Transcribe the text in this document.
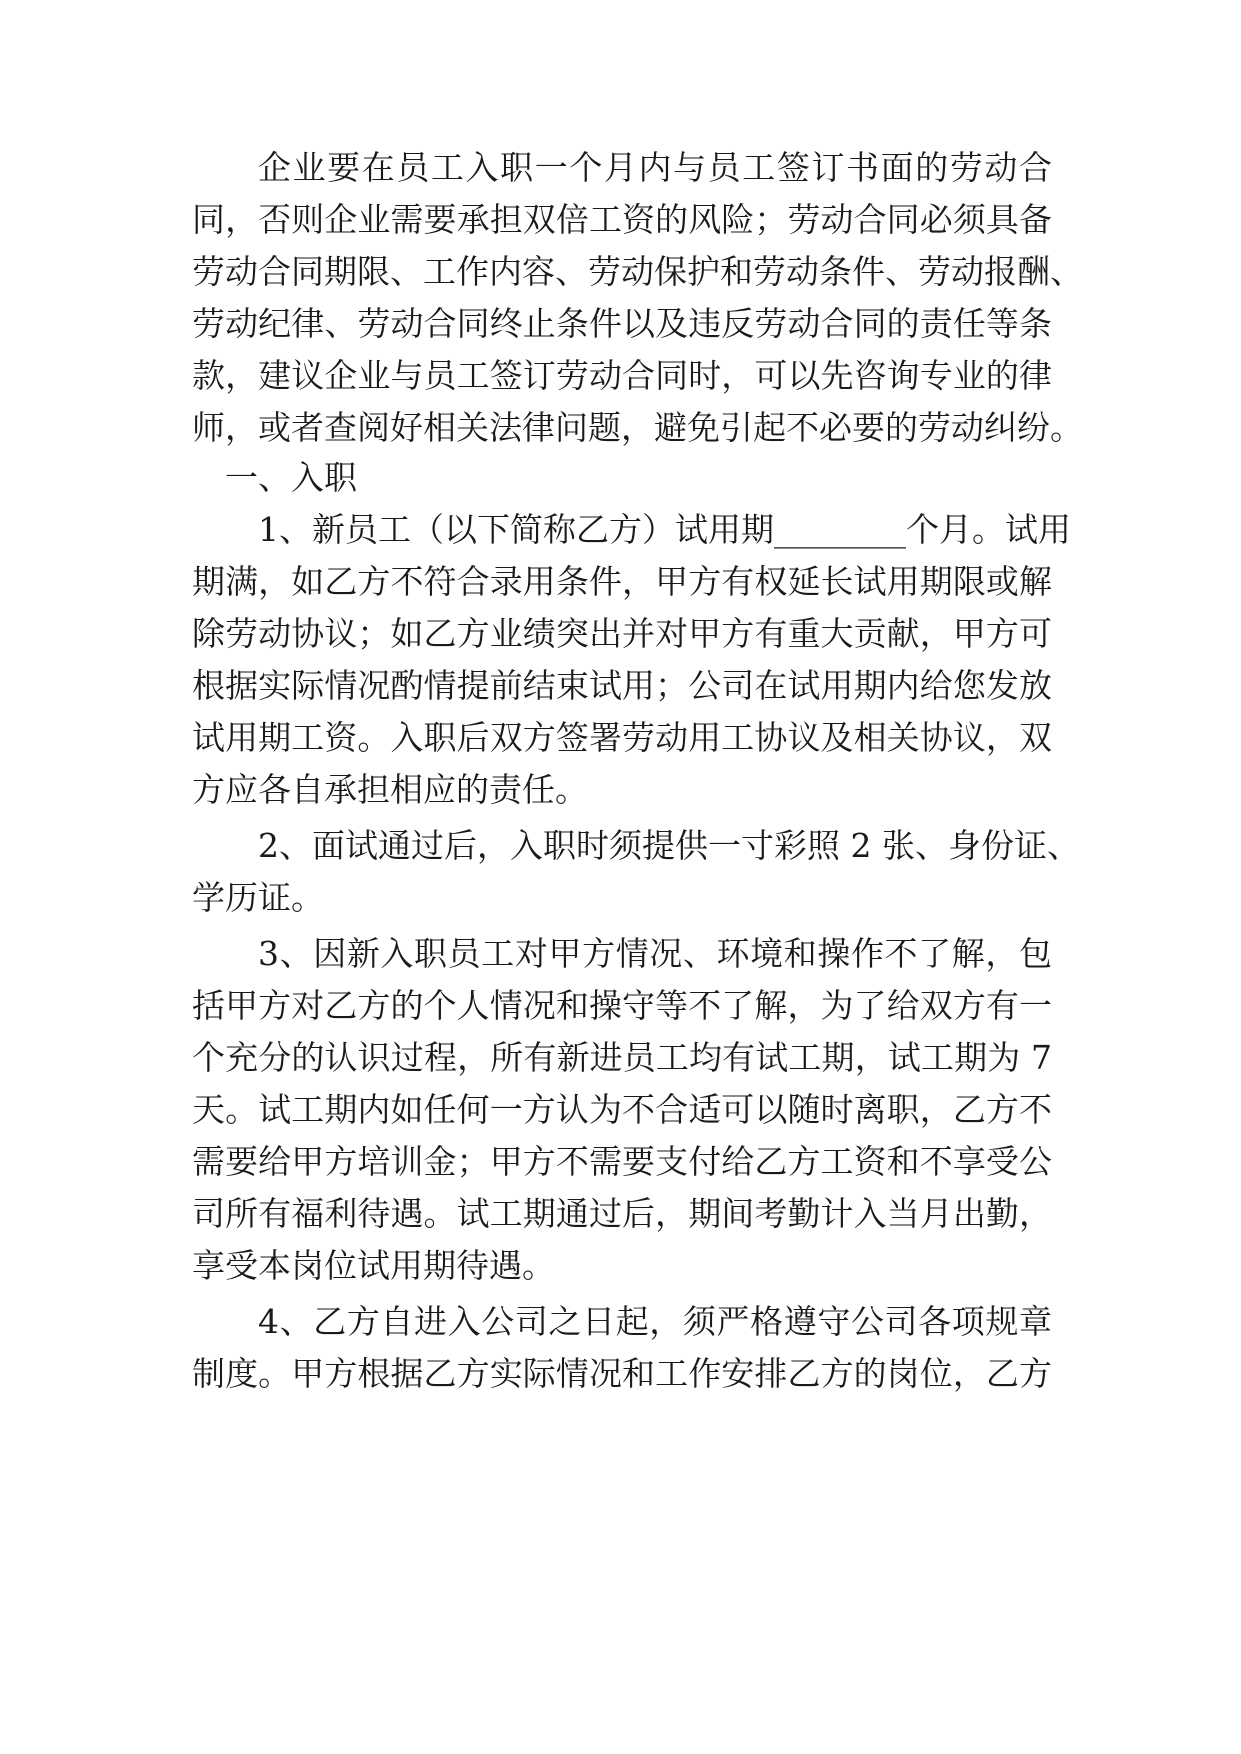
企业要在员工入职一个月内与员工签订书面的劳动合
同，否则企业需要承担双倍工资的风险；劳动合同必须具备
劳动合同期限、工作内容、劳动保护和劳动条件、劳动报酬、
劳动纪律、劳动合同终止条件以及违反劳动合同的责任等条
款，建议企业与员工签订劳动合同时，可以先咨询专业的律
师，或者查阅好相关法律问题，避免引起不必要的劳动纠纷。
一、入职
1、新员工（以下简称乙方）试用期________个月。试用
期满，如乙方不符合录用条件，甲方有权延长试用期限或解
除劳动协议；如乙方业绩突出并对甲方有重大贡献，甲方可
根据实际情况酌情提前结束试用；公司在试用期内给您发放
试用期工资。入职后双方签署劳动用工协议及相关协议，双
方应各自承担相应的责任。
2、面试通过后，入职时须提供一寸彩照 2 张、身份证、
学历证。
3、因新入职员工对甲方情况、环境和操作不了解，包
括甲方对乙方的个人情况和操守等不了解，为了给双方有一
个充分的认识过程，所有新进员工均有试工期，试工期为 7
天。试工期内如任何一方认为不合适可以随时离职，乙方不
需要给甲方培训金；甲方不需要支付给乙方工资和不享受公
司所有福利待遇。试工期通过后，期间考勤计入当月出勤，
享受本岗位试用期待遇。
4、乙方自进入公司之日起，须严格遵守公司各项规章
制度。甲方根据乙方实际情况和工作安排乙方的岗位，乙方
